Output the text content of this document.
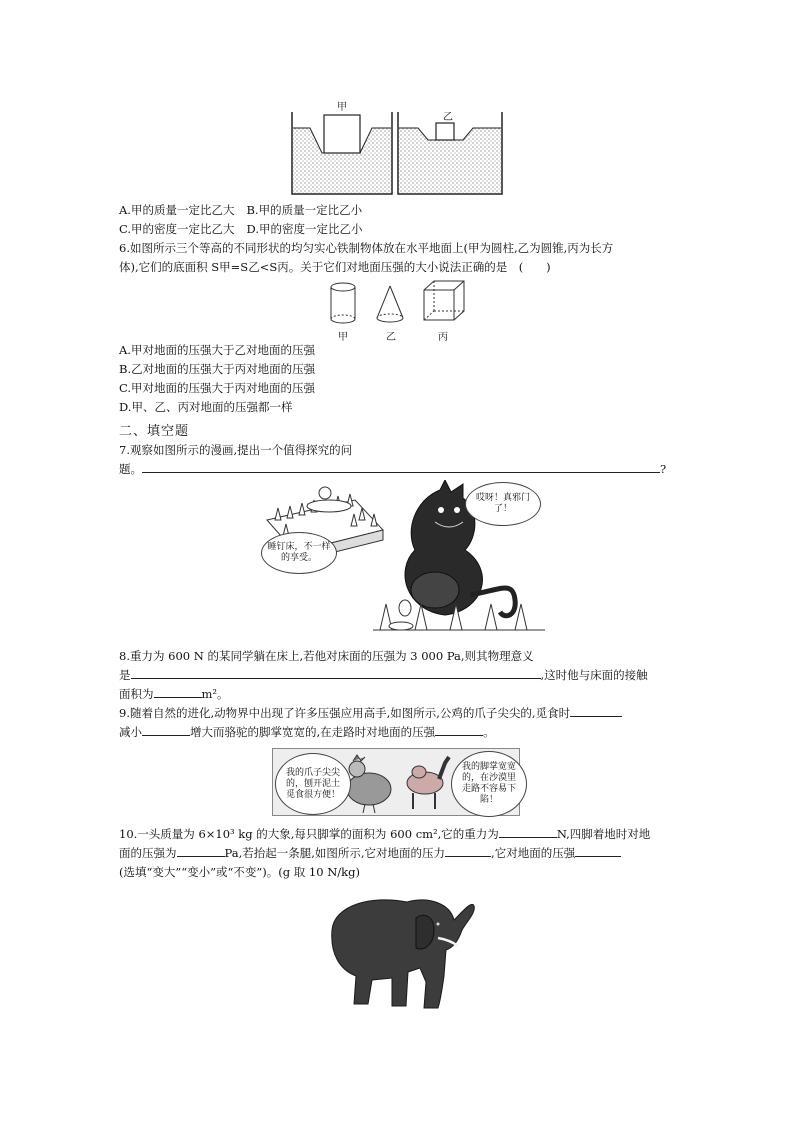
甲
乙
A.甲的质量一定比乙大 B.甲的质量一定比乙小
C.甲的密度一定比乙大 D.甲的密度一定比乙小
6.如图所示三个等高的不同形状的均匀实心铁制物体放在水平地面上(甲为圆柱,乙为圆锥,丙为长方
体),它们的底面积 S甲=S乙<S丙。关于它们对地面压强的大小说法正确的是　(　　)
甲	乙	丙
A.甲对地面的压强大于乙对地面的压强
B.乙对地面的压强大于丙对地面的压强
C.甲对地面的压强大于丙对地面的压强
D.甲、乙、丙对地面的压强都一样
二、填空题
7.观察如图所示的漫画,提出一个值得探究的问
题。	?
睡钉床，不一样的享受。
哎呀！真邪门了！
8.重力为 600 N 的某同学躺在床上,若他对床面的压强为 3 000 Pa,则其物理意义
是	,这时他与床面的接触
面积为	m²。
9.随着自然的进化,动物界中出现了许多压强应用高手,如图所示,公鸡的爪子尖尖的,觅食时
减小	增大而骆驼的脚掌宽宽的,在走路时对地面的压强	。
我的爪子尖尖的，刨开泥土觅食很方便！
我的脚掌宽宽的，在沙漠里走路不容易下陷！
10.一头质量为 6×10³ kg 的大象,每只脚掌的面积为 600 cm²,它的重力为	N,四脚着地时对地
面的压强为	Pa,若抬起一条腿,如图所示,它对地面的压力	,它对地面的压强
(选填“变大”“变小”或“不变”)。(g 取 10 N/kg)
